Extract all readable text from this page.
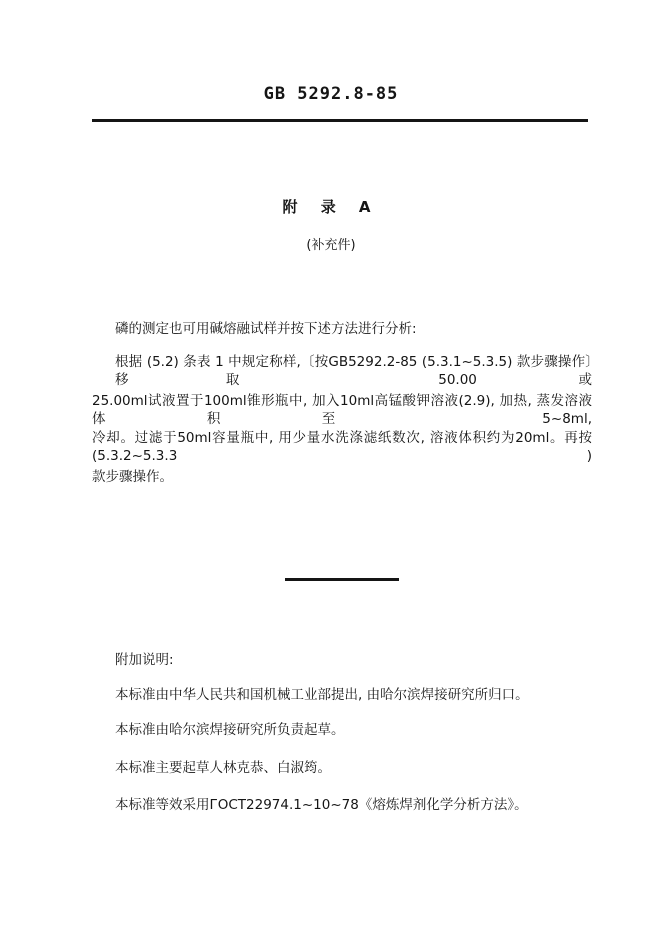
GB 5292.8-85
附 录 A
(补充件)
磷的测定也可用碱熔融试样并按下述方法进行分析:
根据 (5.2) 条表 1 中规定称样,〔按GB5292.2-85 (5.3.1~5.3.5) 款步骤操作〕移取 50.00 或
25.00ml试液置于100ml锥形瓶中, 加入10ml高锰酸钾溶液(2.9), 加热, 蒸发溶液体积至 5~8ml,
冷却。过滤于50ml容量瓶中, 用少量水洗涤滤纸数次, 溶液体积约为20ml。再按 (5.3.2~5.3.3 )
款步骤操作。
附加说明:
本标准由中华人民共和国机械工业部提出, 由哈尔滨焊接研究所归口。
本标准由哈尔滨焊接研究所负责起草。
本标准主要起草人林克恭、白淑筠。
本标准等效采用ГОСТ22974.1~10~78《熔炼焊剂化学分析方法》。
